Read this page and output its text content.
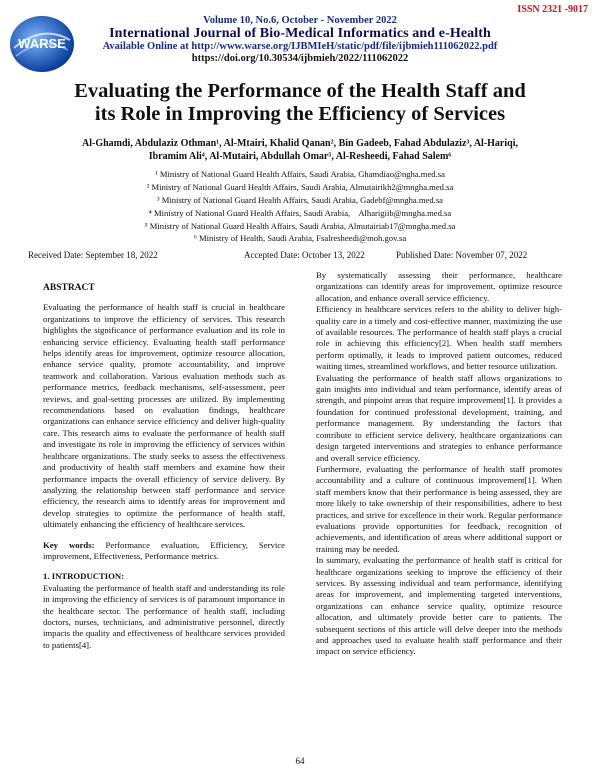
WARSE
ISSN 2321 -9017
Volume 10, No.6, October - November 2022
International Journal of Bio-Medical Informatics and e-Health
Available Online at http://www.warse.org/IJBMIeH/static/pdf/file/ijbmieh111062022.pdf
https://doi.org/10.30534/ijbmieh/2022/111062022
Evaluating the Performance of the Health Staff and
its Role in Improving the Efficiency of Services
Al-Ghamdi, Abdulaziz Othman¹, Al-Mtairi, Khalid Qanan², Bin Gadeeb, Fahad Abdulaziz³, Al-Hariqi,
Ibramim Ali⁴, Al-Mutairi, Abdullah Omar⁵, Al-Resheedi, Fahad Salem⁶
¹ Ministry of National Guard Health Affairs, Saudi Arabia, Ghamdiao@ngha.med.sa
² Ministry of National Guard Health Affairs, Saudi Arabia, Almutairikh2@mngha.med.sa
³ Ministry of National Guard Health Affairs, Saudi Arabia, Gadebf@mngha.med.sa
⁴ Ministry of National Guard Health Affairs, Saudi Arabia,    Alharigiib@mngha.med.sa
⁵ Ministry of National Guard Health Affairs, Saudi Arabia, Almutairiab17@mngha.med.sa
⁶ Ministry of Health, Saudi Arabia, Fsalresheedi@moh.gov.sa
Received Date: September 18, 2022	Accepted Date: October 13, 2022	Published Date: November 07, 2022

ABSTRACT

Evaluating the performance of health staff is crucial in healthcare organizations to improve the efficiency of services. This research highlights the significance of performance evaluation and its role in enhancing service efficiency. Evaluating health staff performance helps identify areas for improvement, optimize resource allocation, enhance service quality, promote accountability, and improve teamwork and collaboration. Various evaluation methods such as performance metrics, feedback mechanisms, self-assessment, peer reviews, and goal-setting processes are utilized. By implementing recommendations based on evaluation findings, healthcare organizations can enhance service efficiency and deliver high-quality care. This research aims to evaluate the performance of health staff and investigate its role in improving the efficiency of services within healthcare organizations. The study seeks to assess the effectiveness and productivity of health staff members and examine how their performance impacts the overall efficiency of service delivery. By analyzing the relationship between staff performance and service efficiency, the research aims to identify areas for improvement and develop strategies to optimize the performance of health staff, ultimately enhancing the efficiency of healthcare services.

Key words: Performance evaluation, Efficiency, Service improvement, Effectiveness, Performance metrics.

1. INTRODUCTION:

Evaluating the performance of health staff and understanding its role in improving the efficiency of services is of paramount importance in the healthcare sector. The performance of health staff, including doctors, nurses, technicians, and administrative personnel, directly impacts the quality and effectiveness of healthcare services provided to patients[4].

By systematically assessing their performance, healthcare organizations can identify areas for improvement, optimize resource allocation, and enhance overall service efficiency.

Efficiency in healthcare services refers to the ability to deliver high-quality care in a timely and cost-effective manner, maximizing the use of available resources. The performance of health staff plays a crucial role in achieving this efficiency[2]. When health staff members perform optimally, it leads to improved patient outcomes, reduced waiting times, streamlined workflows, and better resource utilization.

Evaluating the performance of health staff allows organizations to gain insights into individual and team performance, identify areas of strength, and pinpoint areas that require improvement[1]. It provides a foundation for continued professional development, training, and performance management. By understanding the factors that contribute to efficient service delivery, healthcare organizations can design targeted interventions and strategies to enhance performance and overall service efficiency.

Furthermore, evaluating the performance of health staff promotes accountability and a culture of continuous improvement[1]. When staff members know that their performance is being assessed, they are more likely to take ownership of their responsibilities, adhere to best practices, and strive for excellence in their work. Regular performance evaluations provide opportunities for feedback, recognition of achievements, and identification of areas where additional support or training may be needed.

In summary, evaluating the performance of health staff is critical for healthcare organizations seeking to improve the efficiency of their services. By assessing individual and team performance, identifying areas for improvement, and implementing targeted interventions, organizations can enhance service quality, optimize resource allocation, and ultimately provide better care to patients. The subsequent sections of this article will delve deeper into the methods and approaches used to evaluate health staff performance and their impact on service efficiency.

64
